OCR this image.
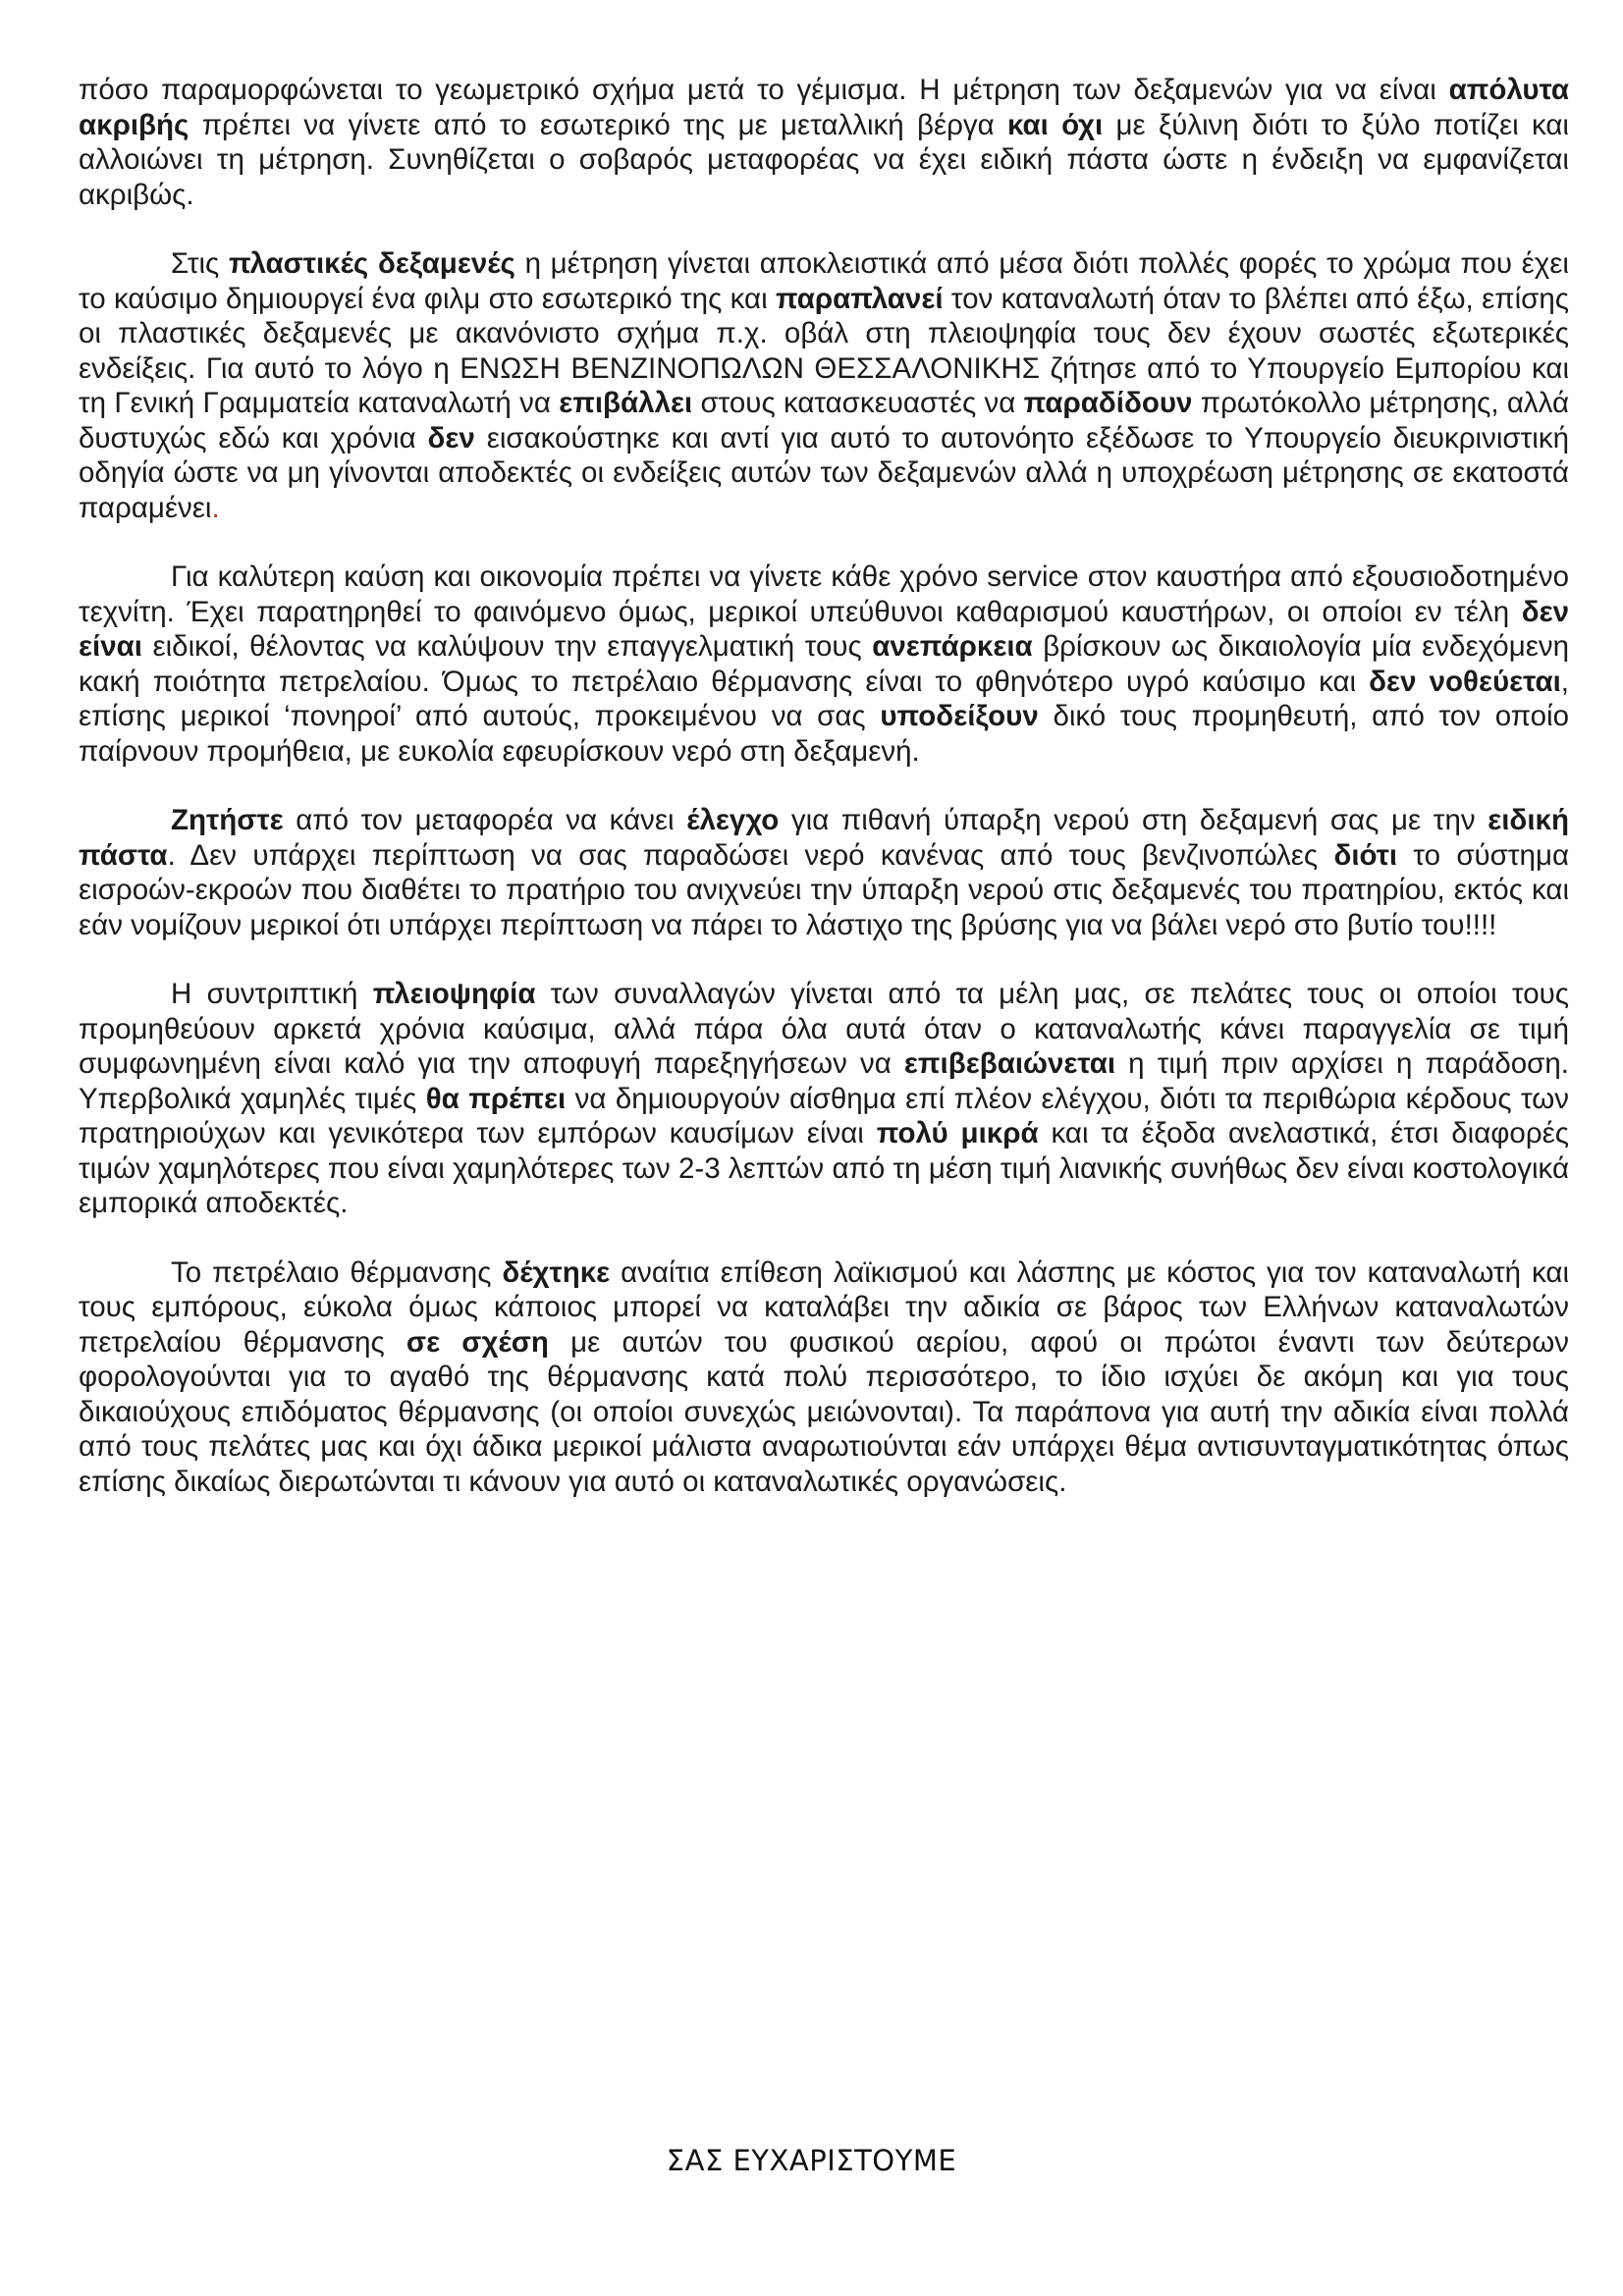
πόσο παραμορφώνεται το γεωμετρικό σχήμα μετά το γέμισμα. Η μέτρηση των δεξαμενών για να είναι απόλυτα ακριβής πρέπει να γίνετε από το εσωτερικό της με μεταλλική βέργα και όχι με ξύλινη διότι το ξύλο ποτίζει και αλλοιώνει τη μέτρηση. Συνηθίζεται ο σοβαρός μεταφορέας να έχει ειδική πάστα ώστε η ένδειξη να εμφανίζεται ακριβώς.

Στις πλαστικές δεξαμενές η μέτρηση γίνεται αποκλειστικά από μέσα διότι πολλές φορές το χρώμα που έχει το καύσιμο δημιουργεί ένα φιλμ στο εσωτερικό της και παραπλανεί τον καταναλωτή όταν το βλέπει από έξω, επίσης οι πλαστικές δεξαμενές με ακανόνιστο σχήμα π.χ. οβάλ στη πλειοψηφία τους δεν έχουν σωστές εξωτερικές ενδείξεις. Για αυτό το λόγο η ΕΝΩΣΗ ΒΕΝΖΙΝΟΠΩΛΩΝ ΘΕΣΣΑΛΟΝΙΚΗΣ ζήτησε από το Υπουργείο Εμπορίου και τη Γενική Γραμματεία καταναλωτή να επιβάλλει στους κατασκευαστές να παραδίδουν πρωτόκολλο μέτρησης, αλλά δυστυχώς εδώ και χρόνια δεν εισακούστηκε και αντί για αυτό το αυτονόητο εξέδωσε το Υπουργείο διευκρινιστική οδηγία ώστε να μη γίνονται αποδεκτές οι ενδείξεις αυτών των δεξαμενών αλλά η υποχρέωση μέτρησης σε εκατοστά παραμένει.

Για καλύτερη καύση και οικονομία πρέπει να γίνετε κάθε χρόνο service στον καυστήρα από εξουσιοδοτημένο τεχνίτη. Έχει παρατηρηθεί το φαινόμενο όμως, μερικοί υπεύθυνοι καθαρισμού καυστήρων, οι οποίοι εν τέλη δεν είναι ειδικοί, θέλοντας να καλύψουν την επαγγελματική τους ανεπάρκεια βρίσκουν ως δικαιολογία μία ενδεχόμενη κακή ποιότητα πετρελαίου. Όμως το πετρέλαιο θέρμανσης είναι το φθηνότερο υγρό καύσιμο και δεν νοθεύεται, επίσης μερικοί ‘πονηροί’ από αυτούς, προκειμένου να σας υποδείξουν δικό τους προμηθευτή, από τον οποίο παίρνουν προμήθεια, με ευκολία εφευρίσκουν νερό στη δεξαμενή.

Ζητήστε από τον μεταφορέα να κάνει έλεγχο για πιθανή ύπαρξη νερού στη δεξαμενή σας με την ειδική πάστα. Δεν υπάρχει περίπτωση να σας παραδώσει νερό κανένας από τους βενζινοπώλες διότι το σύστημα εισροών-εκροών που διαθέτει το πρατήριο του ανιχνεύει την ύπαρξη νερού στις δεξαμενές του πρατηρίου, εκτός και εάν νομίζουν μερικοί ότι υπάρχει περίπτωση να πάρει το λάστιχο της βρύσης για να βάλει νερό στο βυτίο του!!!!

Η συντριπτική πλειοψηφία των συναλλαγών γίνεται από τα μέλη μας, σε πελάτες τους οι οποίοι τους προμηθεύουν αρκετά χρόνια καύσιμα, αλλά πάρα όλα αυτά όταν ο καταναλωτής κάνει παραγγελία σε τιμή συμφωνημένη είναι καλό για την αποφυγή παρεξηγήσεων να επιβεβαιώνεται η τιμή πριν αρχίσει η παράδοση. Υπερβολικά χαμηλές τιμές θα πρέπει να δημιουργούν αίσθημα επί πλέον ελέγχου, διότι τα περιθώρια κέρδους των πρατηριούχων και γενικότερα των εμπόρων καυσίμων είναι πολύ μικρά και τα έξοδα ανελαστικά, έτσι διαφορές τιμών χαμηλότερες που είναι χαμηλότερες των 2-3 λεπτών από τη μέση τιμή λιανικής συνήθως δεν είναι κοστολογικά εμπορικά αποδεκτές.

Το πετρέλαιο θέρμανσης δέχτηκε αναίτια επίθεση λαϊκισμού και λάσπης με κόστος για τον καταναλωτή και τους εμπόρους, εύκολα όμως κάποιος μπορεί να καταλάβει την αδικία σε βάρος των Ελλήνων καταναλωτών πετρελαίου θέρμανσης σε σχέση με αυτών του φυσικού αερίου, αφού οι πρώτοι έναντι των δεύτερων φορολογούνται για το αγαθό της θέρμανσης κατά πολύ περισσότερο, το ίδιο ισχύει δε ακόμη και για τους δικαιούχους επιδόματος θέρμανσης (οι οποίοι συνεχώς μειώνονται). Τα παράπονα για αυτή την αδικία είναι πολλά από τους πελάτες μας και όχι άδικα μερικοί μάλιστα αναρωτιούνται εάν υπάρχει θέμα αντισυνταγματικότητας όπως επίσης δικαίως διερωτώνται τι κάνουν για αυτό οι καταναλωτικές οργανώσεις.

ΣΑΣ ΕΥΧΑΡΙΣΤΟΥΜΕ
